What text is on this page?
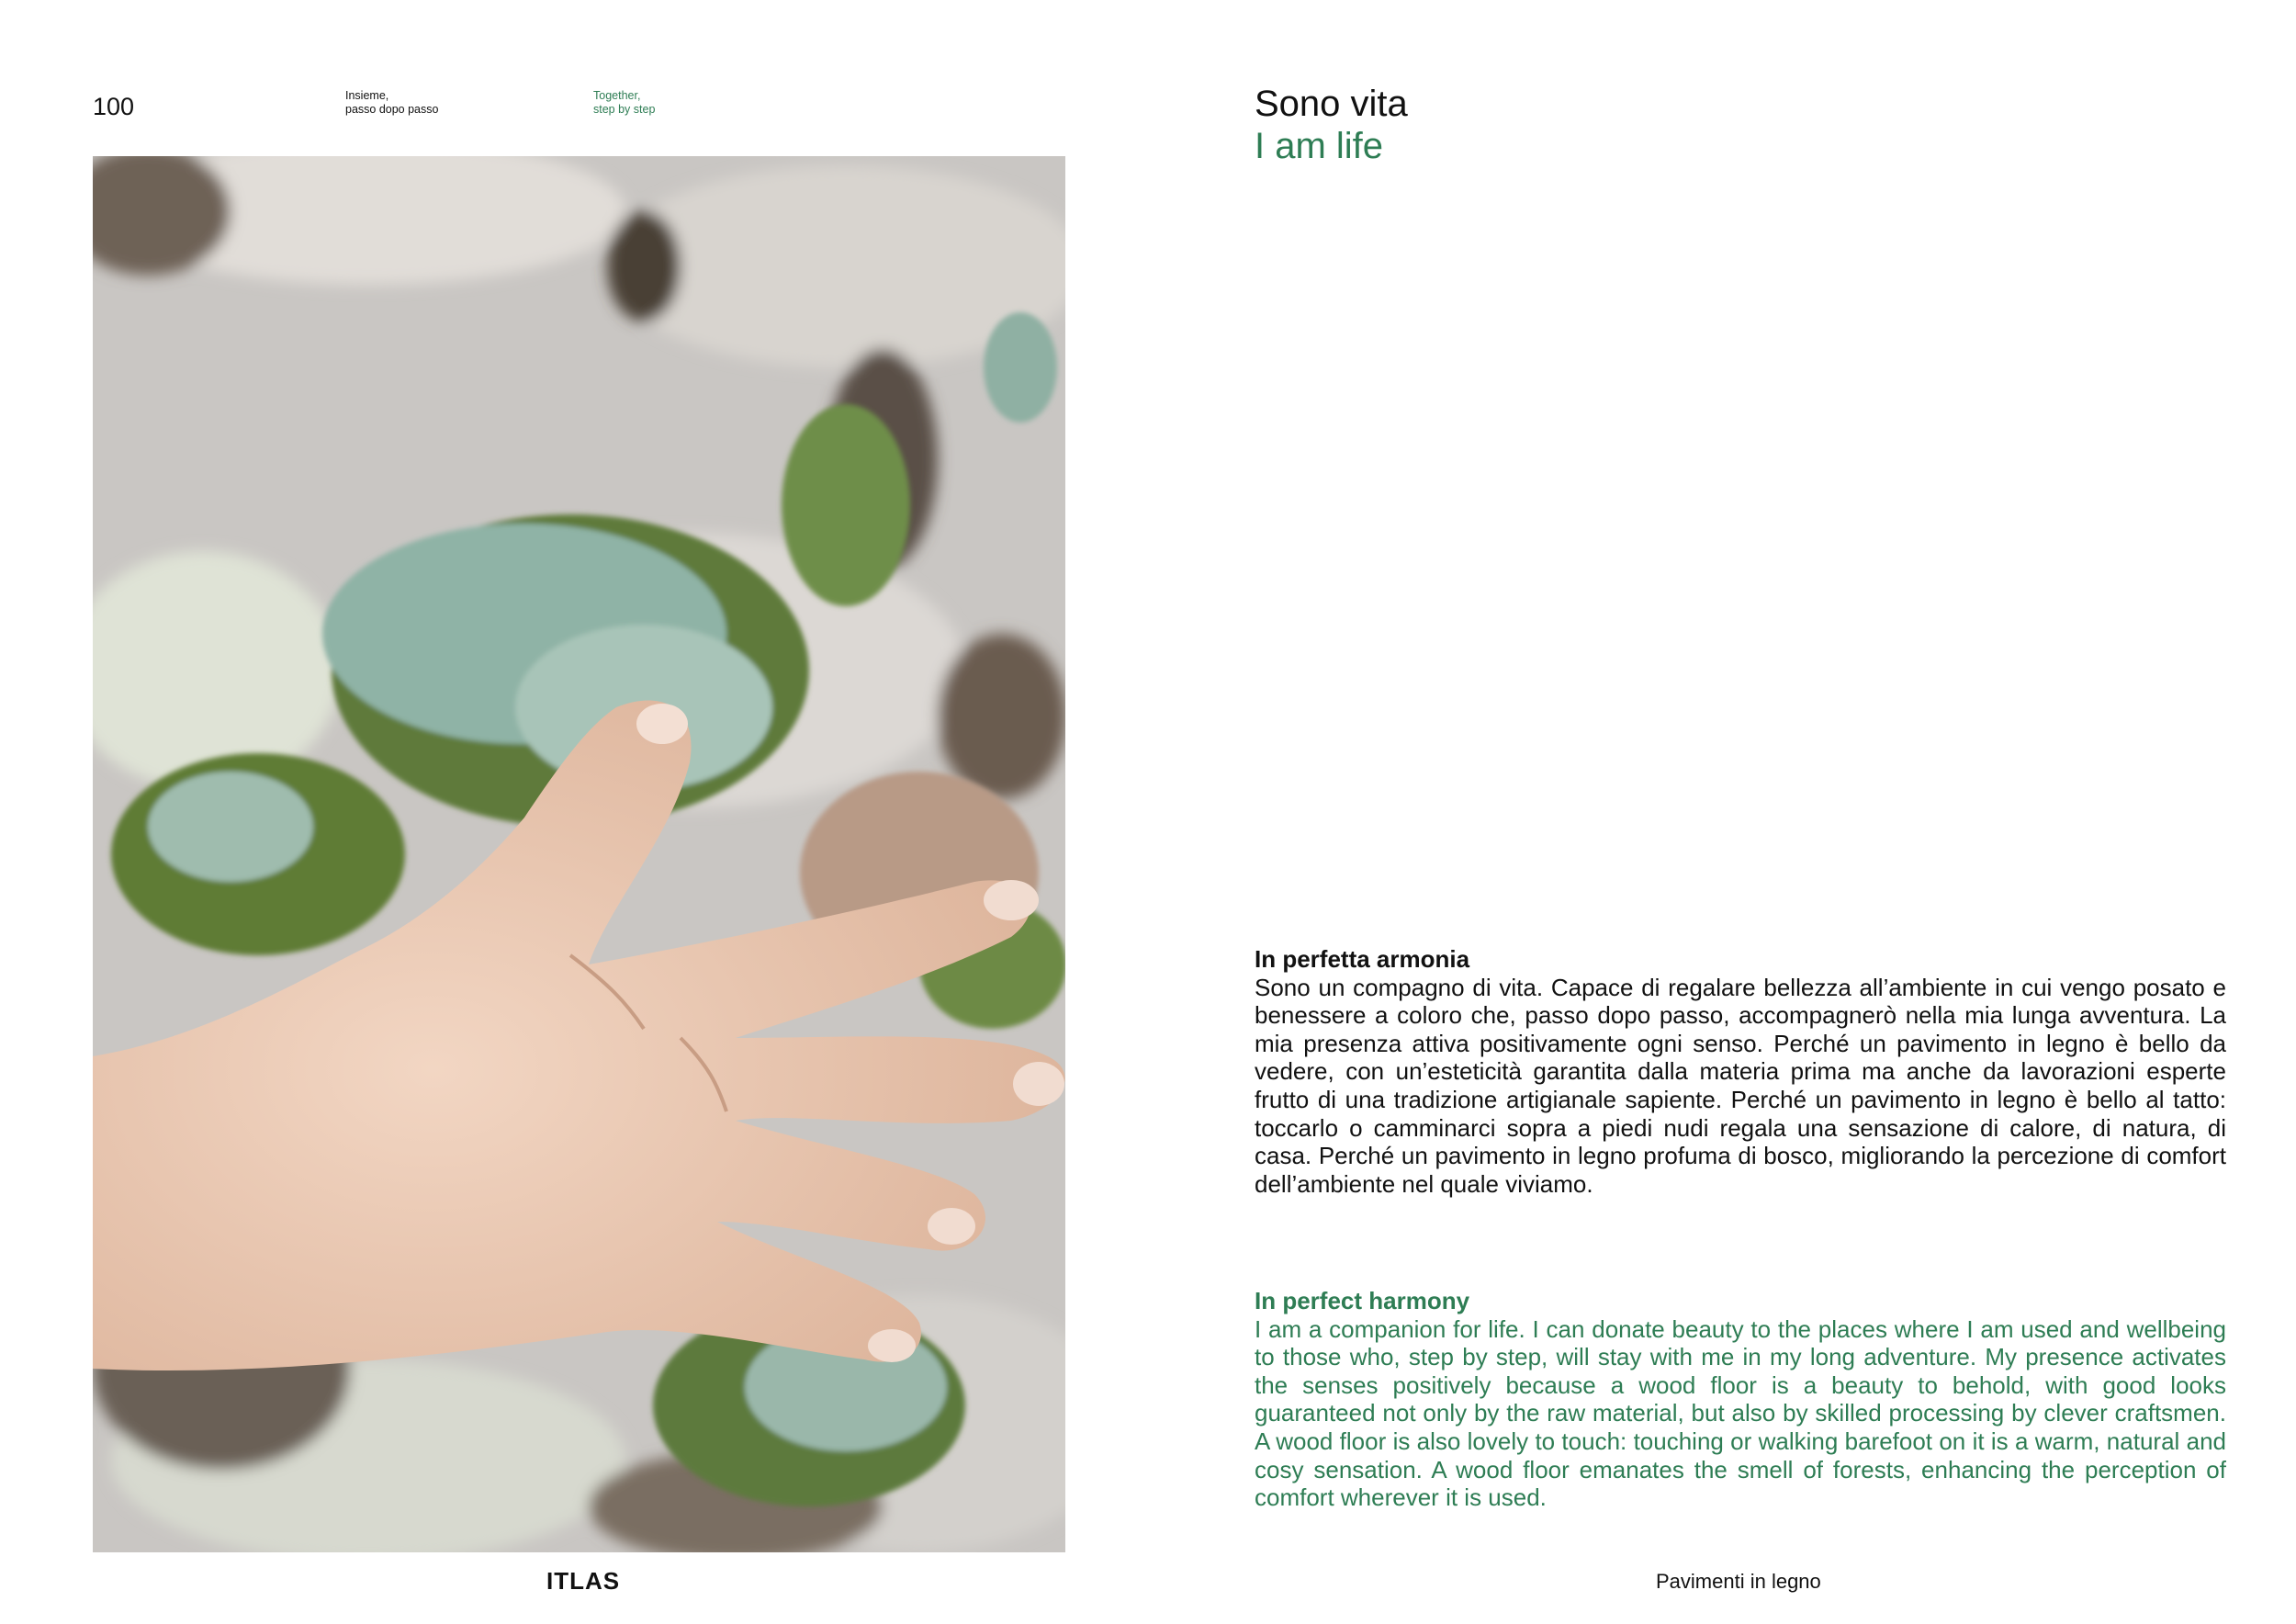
100	Insieme,
passo dopo passo
Together,
step by step
ITLAS
Sono vita
I am life
In perfetta armonia
Sono un compagno di vita. Capace di regalare bellezza all’ambiente in cui vengo posato e benessere a coloro che, passo dopo passo, accompagnerò nella mia lunga avventura. La mia presenza attiva positivamente ogni senso. Perché un pavimento in legno è bello da vedere, con un’esteticità garantita dalla materia prima ma anche da lavorazioni esperte frutto di una tradizione artigianale sapiente. Perché un pavimento in legno è bello al tatto: toccarlo o camminarci sopra a piedi nudi regala una sensazione di calore, di natura, di casa. Perché un pavimento in legno profuma di bosco, migliorando la percezione di comfort dell’ambiente nel quale viviamo.
In perfect harmony
I am a companion for life. I can donate beauty to the places where I am used and wellbeing to those who, step by step, will stay with me in my long adventure. My presence activates the senses positively because a wood floor is a beauty to behold, with good looks guaranteed not only by the raw material, but also by skilled processing by clever craftsmen. A wood floor is also lovely to touch: touching or walking barefoot on it is a warm, natural and cosy sensation. A wood floor emanates the smell of forests, enhancing the perception of comfort wherever it is used.
Pavimenti in legno
